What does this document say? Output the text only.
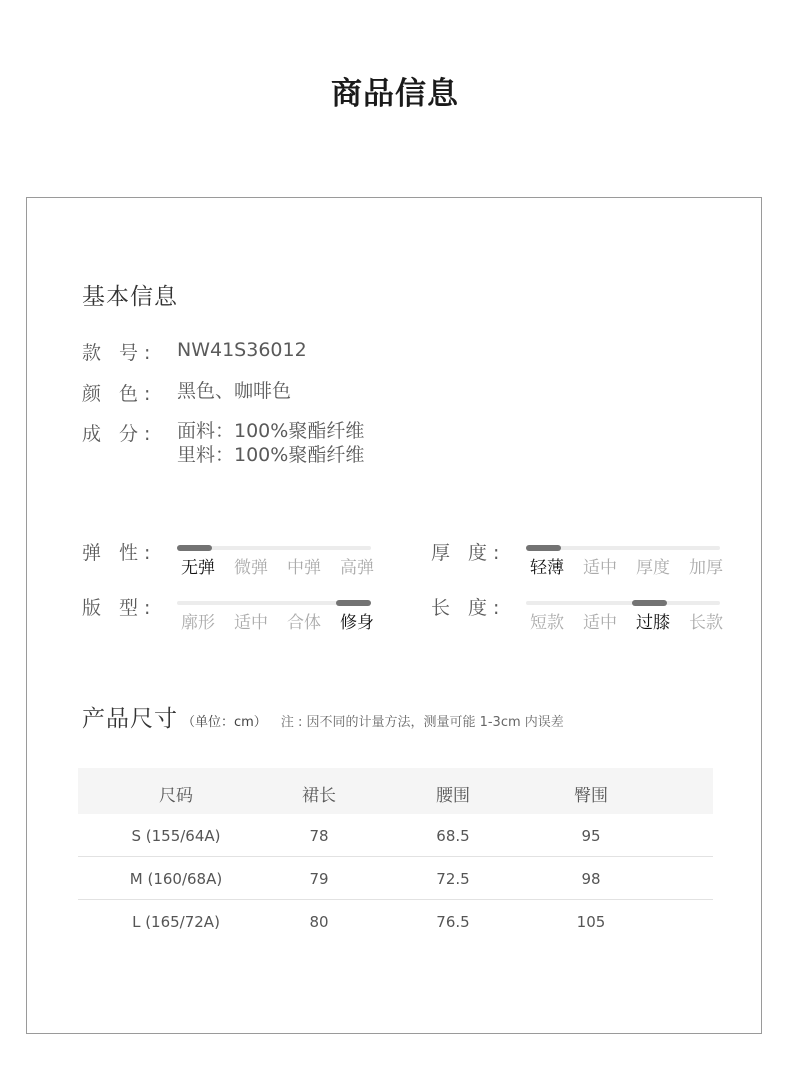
商品信息
基本信息
款 号:	NW41S36012
颜 色:	黑色、咖啡色
成 分:	面料：100%聚酯纤维
里料：100%聚酯纤维
弹 性:
无弹 微弹 中弹 高弹
厚 度:
轻薄 适中 厚度 加厚
版 型:
廓形 适中 合体 修身
长 度:
短款 适中 过膝 长款
产品尺寸 （单位：cm） 注 : 因不同的计量方法，测量可能 1-3cm 内误差
尺码	裙长	腰围	臀围
S (155/64A)	78	68.5	95
M (160/68A)	79	72.5	98
L (165/72A)	80	76.5	105
